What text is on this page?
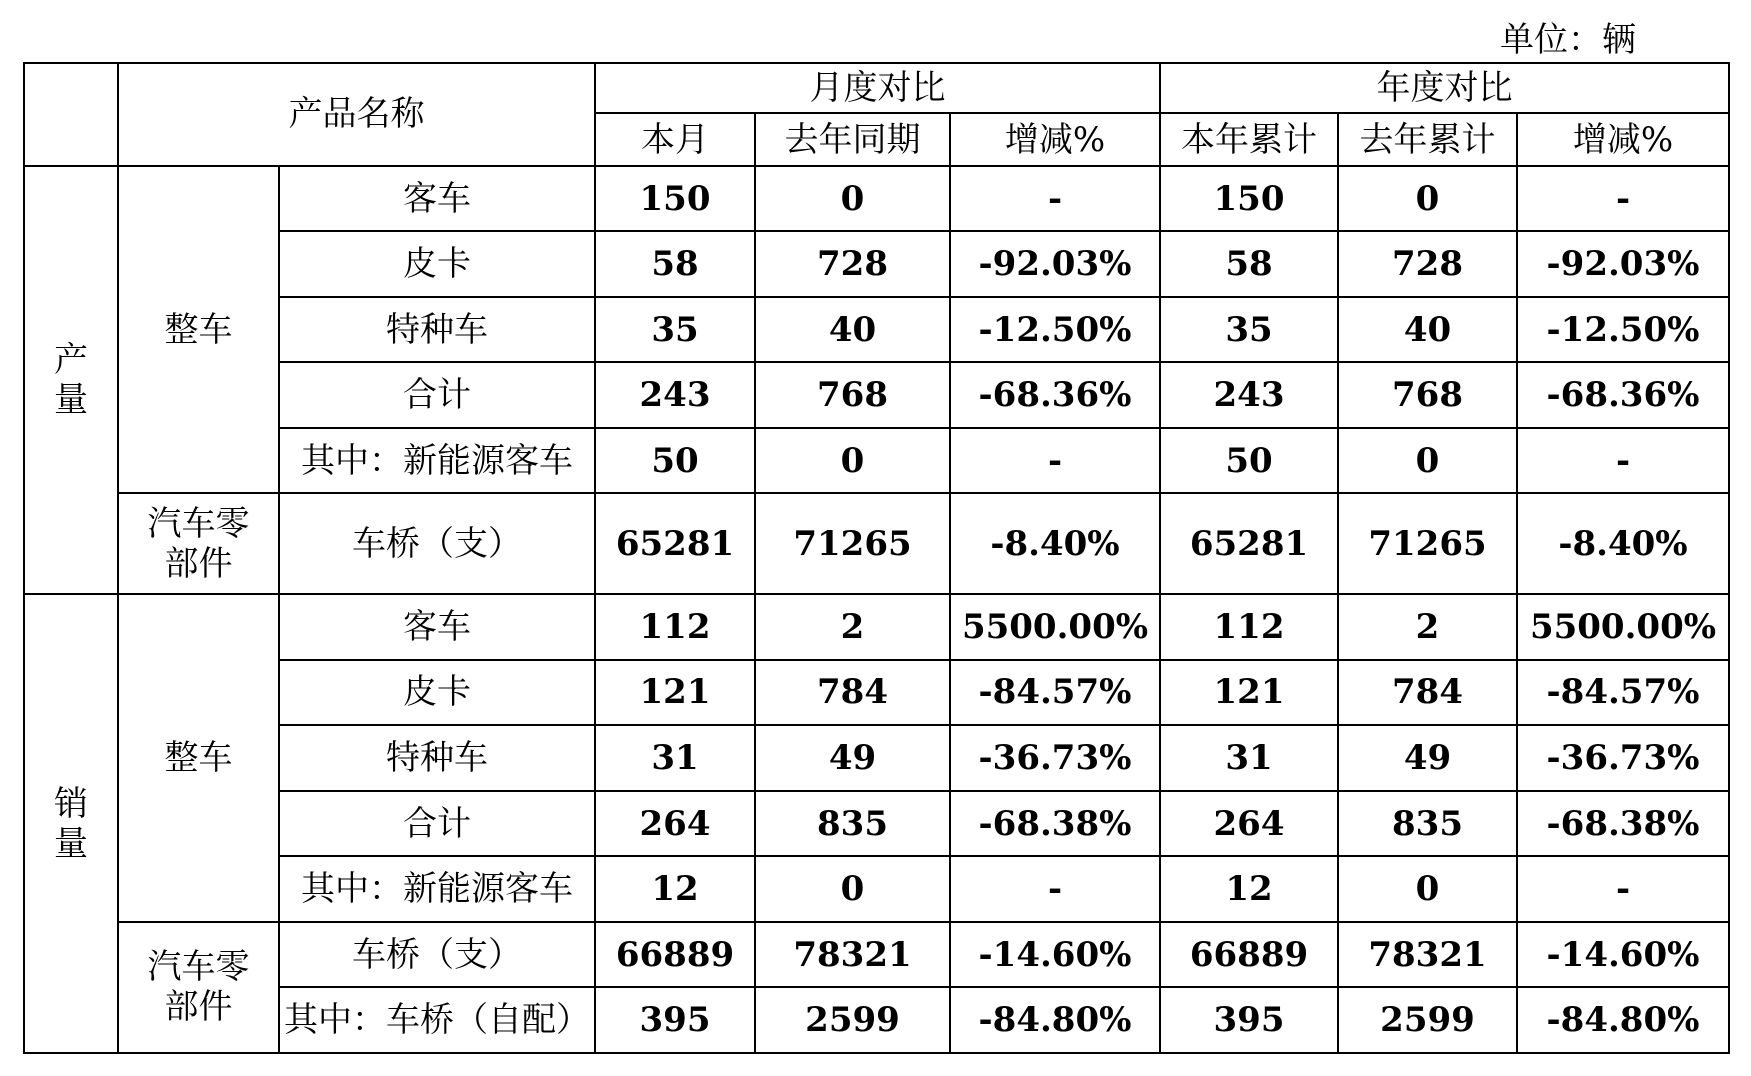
单位：辆
	产品名称		月度对比			年度对比		
			本月	去年同期	增减%	本年累计	去年累计	增减%

产
量	整车	客车	150	0	-	150	0	-
		皮卡	58	728	-92.03%	58	728	-92.03%
		特种车	35	40	-12.50%	35	40	-12.50%
		合计	243	768	-68.36%	243	768	-68.36%
		其中：新能源客车	50	0	-	50	0	-

	汽车零
部件	车桥（支）	65281	71265	-8.40%	65281	71265	-8.40%

销
量	整车	客车	112	2	5500.00%	112	2	5500.00%
		皮卡	121	784	-84.57%	121	784	-84.57%
		特种车	31	49	-36.73%	31	49	-36.73%
		合计	264	835	-68.38%	264	835	-68.38%
		其中：新能源客车	12	0	-	12	0	-

	汽车零
部件	车桥（支）	66889	78321	-14.60%	66889	78321	-14.60%
		其中：车桥（自配）	395	2599	-84.80%	395	2599	-84.80%
